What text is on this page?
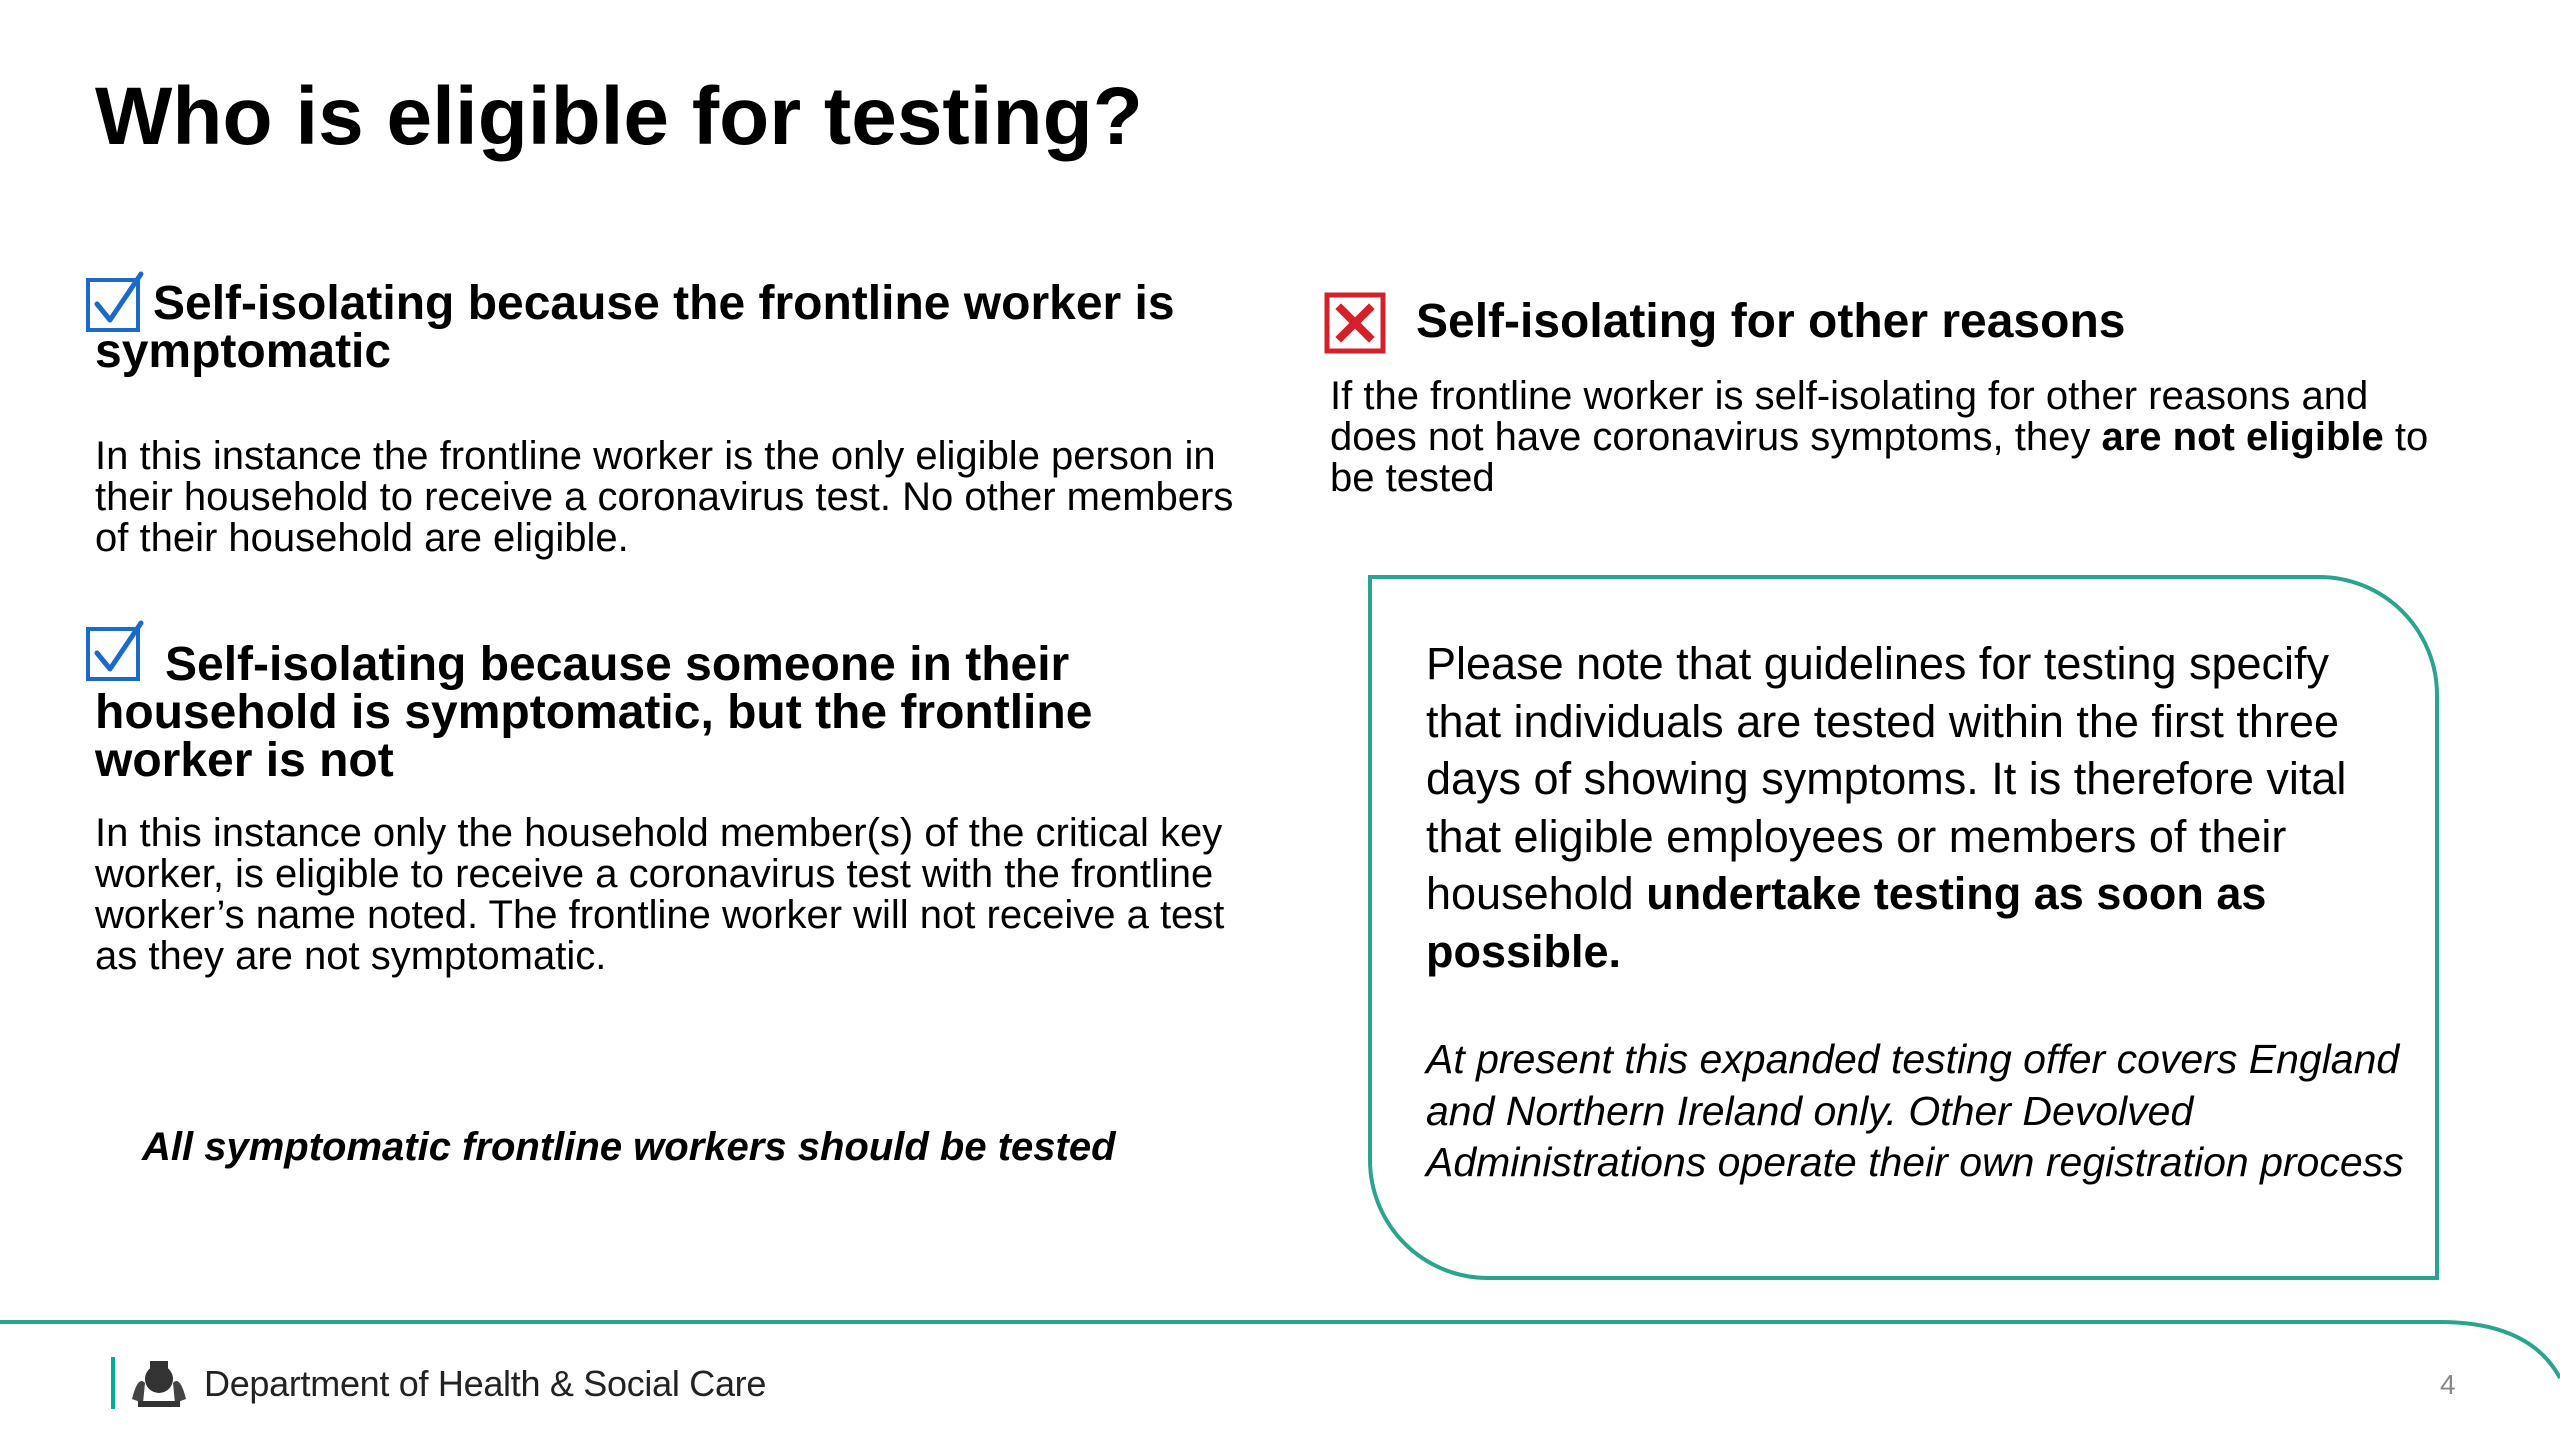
Who is eligible for testing?
Self-isolating because the frontline worker is symptomatic

In this instance the frontline worker is the only eligible person in their household to receive a coronavirus test. No other members of their household are eligible.

Self-isolating because someone in their household is symptomatic, but the frontline worker is not

In this instance only the household member(s) of the critical key worker, is eligible to receive a coronavirus test with the frontline worker’s name noted. The frontline worker will not receive a test as they are not symptomatic.

All symptomatic frontline workers should be tested
Self-isolating for other reasons

If the frontline worker is self-isolating for other reasons and does not have coronavirus symptoms, they are not eligible to be tested

Please note that guidelines for testing specify that individuals are tested within the first three days of showing symptoms. It is therefore vital that eligible employees or members of their household undertake testing as soon as possible.

At present this expanded testing offer covers England and Northern Ireland only. Other Devolved Administrations operate their own registration process

Department of Health & Social Care	4
